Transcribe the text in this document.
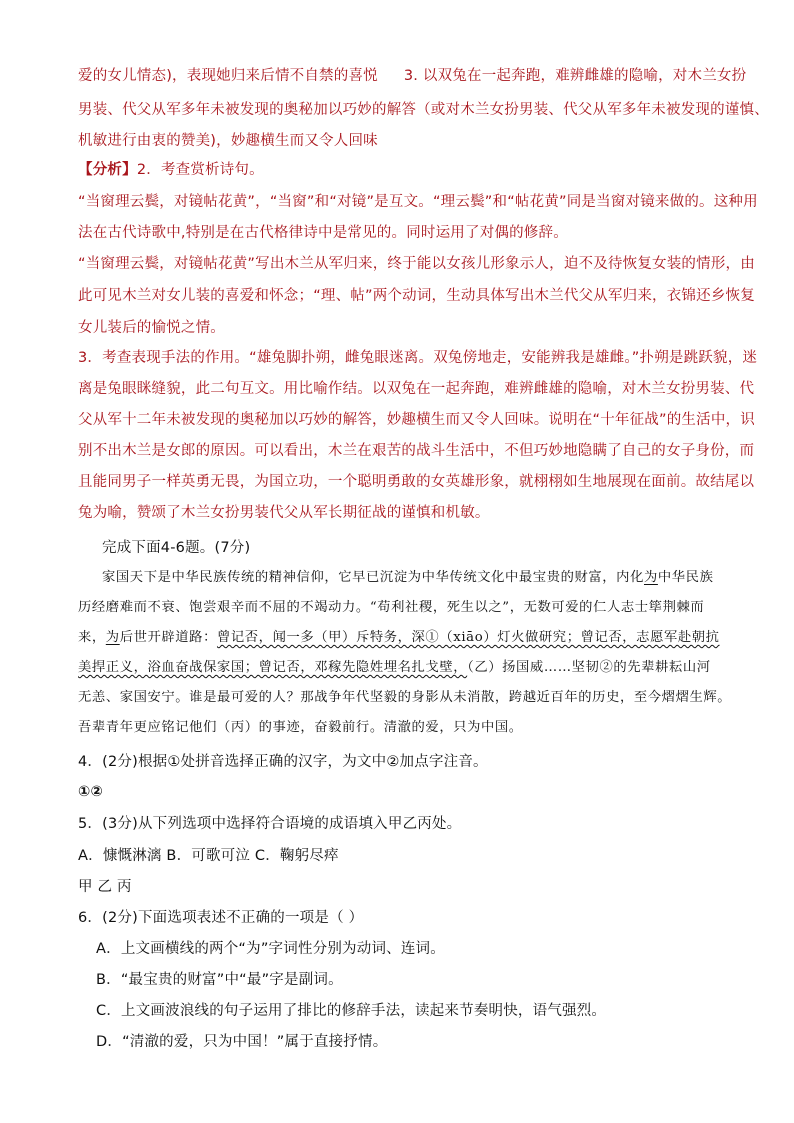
爱的女儿情态)，表现她归来后情不自禁的喜悦 3. 以双兔在一起奔跑，难辨雌雄的隐喻，对木兰女扮
男装、代父从军多年未被发现的奥秘加以巧妙的解答（或对木兰女扮男装、代父从军多年未被发现的谨慎、
机敏进行由衷的赞美)，妙趣横生而又令人回味
【分析】2．考查赏析诗句。
“当窗理云鬓，对镜帖花黄”，“当窗”和“对镜”是互文。“理云鬓”和“帖花黄”同是当窗对镜来做的。这种用
法在古代诗歌中,特别是在古代格律诗中是常见的。同时运用了对偶的修辞。
“当窗理云鬓，对镜帖花黄”写出木兰从军归来，终于能以女孩儿形象示人，迫不及待恢复女装的情形，由
此可见木兰对女儿装的喜爱和怀念；“理、帖”两个动词，生动具体写出木兰代父从军归来，衣锦还乡恢复
女儿装后的愉悦之情。
3．考查表现手法的作用。“雄兔脚扑朔，雌兔眼迷离。双兔傍地走，安能辨我是雄雌。”扑朔是跳跃貌，迷
离是兔眼眯缝貌，此二句互文。用比喻作结。以双兔在一起奔跑，难辨雌雄的隐喻，对木兰女扮男装、代
父从军十二年未被发现的奥秘加以巧妙的解答，妙趣横生而又令人回味。说明在“十年征战”的生活中，识
别不出木兰是女郎的原因。可以看出，木兰在艰苦的战斗生活中，不但巧妙地隐瞒了自己的女子身份，而
且能同男子一样英勇无畏，为国立功，一个聪明勇敢的女英雄形象，就栩栩如生地展现在面前。故结尾以
兔为喻，赞颂了木兰女扮男装代父从军长期征战的谨慎和机敏。
完成下面4-6题。(7分)
家国天下是中华民族传统的精神信仰，它早已沉淀为中华传统文化中最宝贵的财富，内化为中华民族
历经磨难而不衰、饱尝艰辛而不屈的不竭动力。“苟利社稷，死生以之”，无数可爱的仁人志士筚荆棘而
来，为后世开辟道路：曾记否，闻一多（甲）斥特务，深①（xiāo）灯火做研究；曾记否，志愿军赴朝抗
美捍正义，浴血奋战保家国；曾记否，邓稼先隐姓埋名扎戈壁，（乙）扬国威……坚韧②的先辈耕耘山河
无恙、家国安宁。谁是最可爱的人？那战争年代坚毅的身影从未消散，跨越近百年的历史，至今熠熠生辉。
吾辈青年更应铭记他们（丙）的事迹，奋毅前行。清澈的爱，只为中国。
4．(2分)根据①处拼音选择正确的汉字，为文中②加点字注音。
①②
5．(3分)从下列选项中选择符合语境的成语填入甲乙丙处。
A．慷慨淋漓 B．可歌可泣 C．鞠躬尽瘁
甲 乙 丙
6．(2分)下面选项表述不正确的一项是（ ）
A．上文画横线的两个“为”字词性分别为动词、连词。
B．“最宝贵的财富”中“最”字是副词。
C．上文画波浪线的句子运用了排比的修辞手法，读起来节奏明快，语气强烈。
D．“清澈的爱，只为中国！”属于直接抒情。
